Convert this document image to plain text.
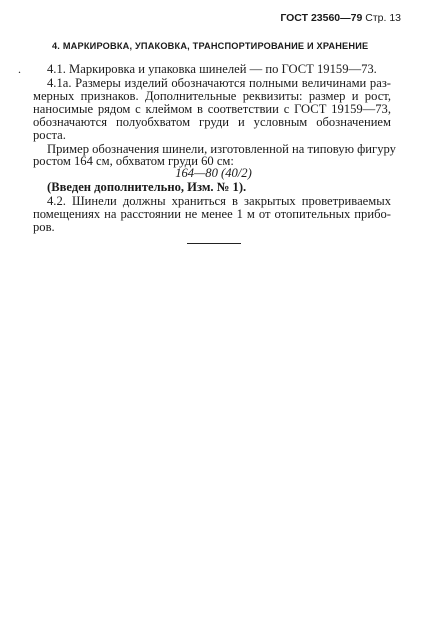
ГОСТ 23560—79 Стр. 13
4. МАРКИРОВКА, УПАКОВКА, ТРАНСПОРТИРОВАНИЕ И ХРАНЕНИЕ
.	4.1. Маркировка и упаковка шинелей — по ГОСТ 19159—73.
4.1а. Размеры изделий обозначаются полными величинами раз-
мерных признаков. Дополнительные реквизиты: размер и рост,
наносимые рядом с клеймом в соответствии с ГОСТ 19159—73,
обозначаются полуобхватом груди и условным обозначением
роста.
Пример обозначения шинели, изготовленной на типовую фигуру
ростом 164 см, обхватом груди 60 см:
164—80 (40/2)
(Введен дополнительно, Изм. № 1).
4.2. Шинели должны храниться в закрытых проветриваемых
помещениях на расстоянии не менее 1 м от отопительных прибо-
ров.
